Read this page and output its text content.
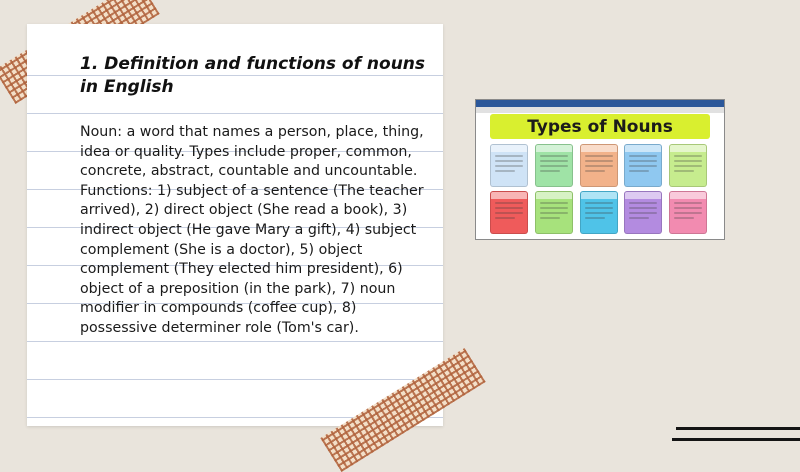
1. Definition and functions of nouns in English

Noun: a word that names a person, place, thing, idea or quality. Types include proper, common, concrete, abstract, countable and uncountable. Functions: 1) subject of a sentence (The teacher arrived), 2) direct object (She read a book), 3) indirect object (He gave Mary a gift), 4) subject complement (She is a doctor), 5) object complement (They elected him president), 6) object of a preposition (in the park), 7) noun modifier in compounds (coffee cup), 8) possessive determiner role (Tom's car).

Types of Nouns
